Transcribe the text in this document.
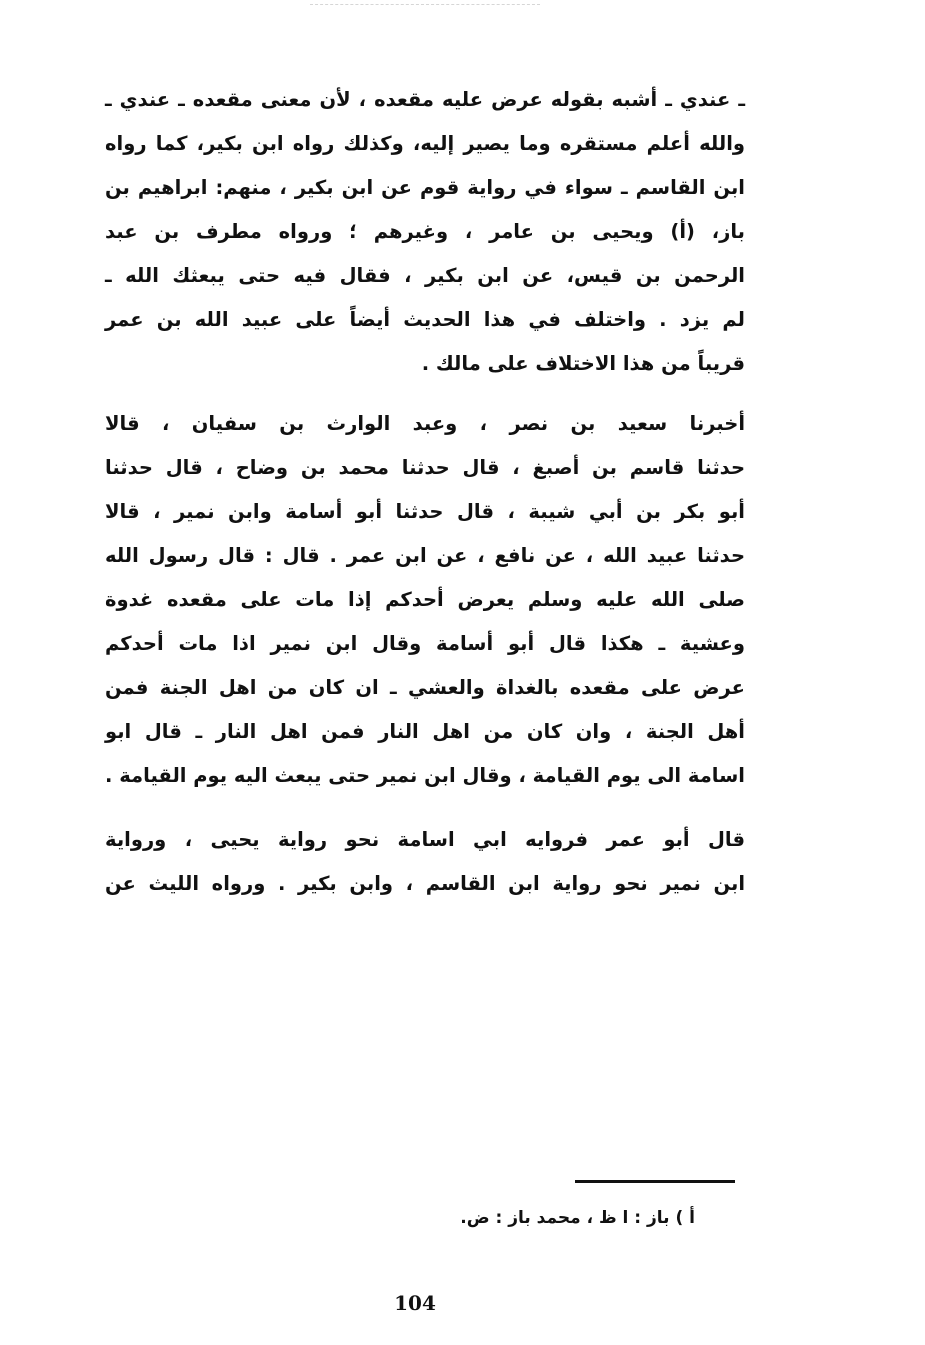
ـ عندي ـ أشبه بقوله عرض عليه مقعده ، لأن معنى مقعده ـ عندي ـ
والله أعلم مستقره وما يصير إليه، وكذلك رواه ابن بكير، كما رواه
ابن القاسم ـ سواء في رواية قوم عن ابن بكير ، منهم: ابراهيم بن
باز، (أ) ويحيى بن عامر ، وغيرهم ؛ ورواه مطرف بن عبد
الرحمن بن قيس، عن ابن بكير ، فقال فيه حتى يبعثك الله ـ
لم يزد . واختلف في هذا الحديث أيضاً على عبيد الله بن عمر
قريباً من هذا الاختلاف على مالك .
أخبرنا سعيد بن نصر ، وعبد الوارث بن سفيان ، قالا
حدثنا قاسم بن أصبغ ، قال حدثنا محمد بن وضاح ، قال حدثنا
أبو بكر بن أبي شيبة ، قال حدثنا أبو أسامة وابن نمير ، قالا
حدثنا عبيد الله ، عن نافع ، عن ابن عمر . قال : قال رسول الله
صلى الله عليه وسلم يعرض أحدكم إذا مات على مقعده غدوة
وعشية ـ هكذا قال أبو أسامة وقال ابن نمير اذا مات أحدكم
عرض على مقعده بالغداة والعشي ـ ان كان من اهل الجنة فمن
أهل الجنة ، وان كان من اهل النار فمن اهل النار ـ قال ابو
اسامة الى يوم القيامة ، وقال ابن نمير حتى يبعث اليه يوم القيامة .
قال أبو عمر فروايه ابي اسامة نحو رواية يحيى ، ورواية
ابن نمير نحو رواية ابن القاسم ، وابن بكير . ورواه الليث عن
أ ) باز : ا ظ ، محمد باز : ض.
104
